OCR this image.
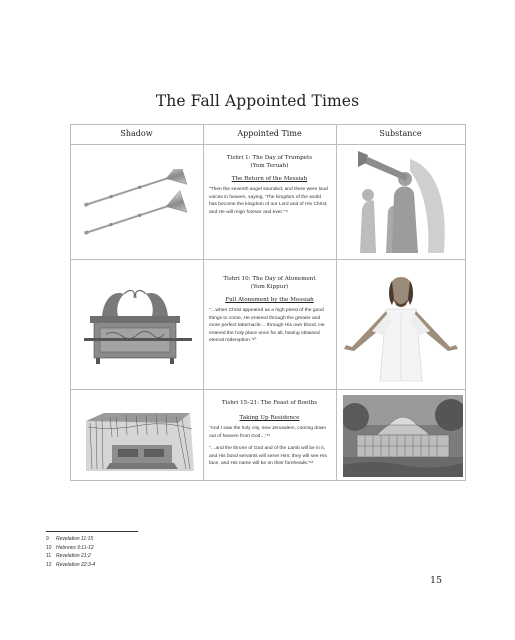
The Fall Appointed Times
Shadow	Appointed Time	Substance
Tishri 1: The Day of Trumpets
(Yom Teruah)
The Return of the Messiah

“Then the seventh angel sounded; and there were loud voices in heaven, saying, ‘The kingdom of the world has become the kingdom of our Lord and of His Christ; and He will reign forever and ever.’”⁹

Tishri 10: The Day of Atonement
(Yom Kippur)
Full Atonement by the Messiah

“…when Christ appeared as a high priest of the good things to come, He entered through the greater and more perfect tabernacle… through His own blood, He entered the holy place once for all, having obtained eternal redemption.”¹⁰

Tishri 15–21: The Feast of Booths
Taking Up Residence

“And I saw the holy city, new Jerusalem, coming down out of heaven from God…”¹¹

“…and the throne of God and of the Lamb will be in it, and His bond servants will serve Him; they will see His face, and His name will be on their foreheads.”¹²

9 Revelation 11:15
10 Hebrews 9:11-12
11 Revelation 21:2
12 Revelation 22:3-4
15
